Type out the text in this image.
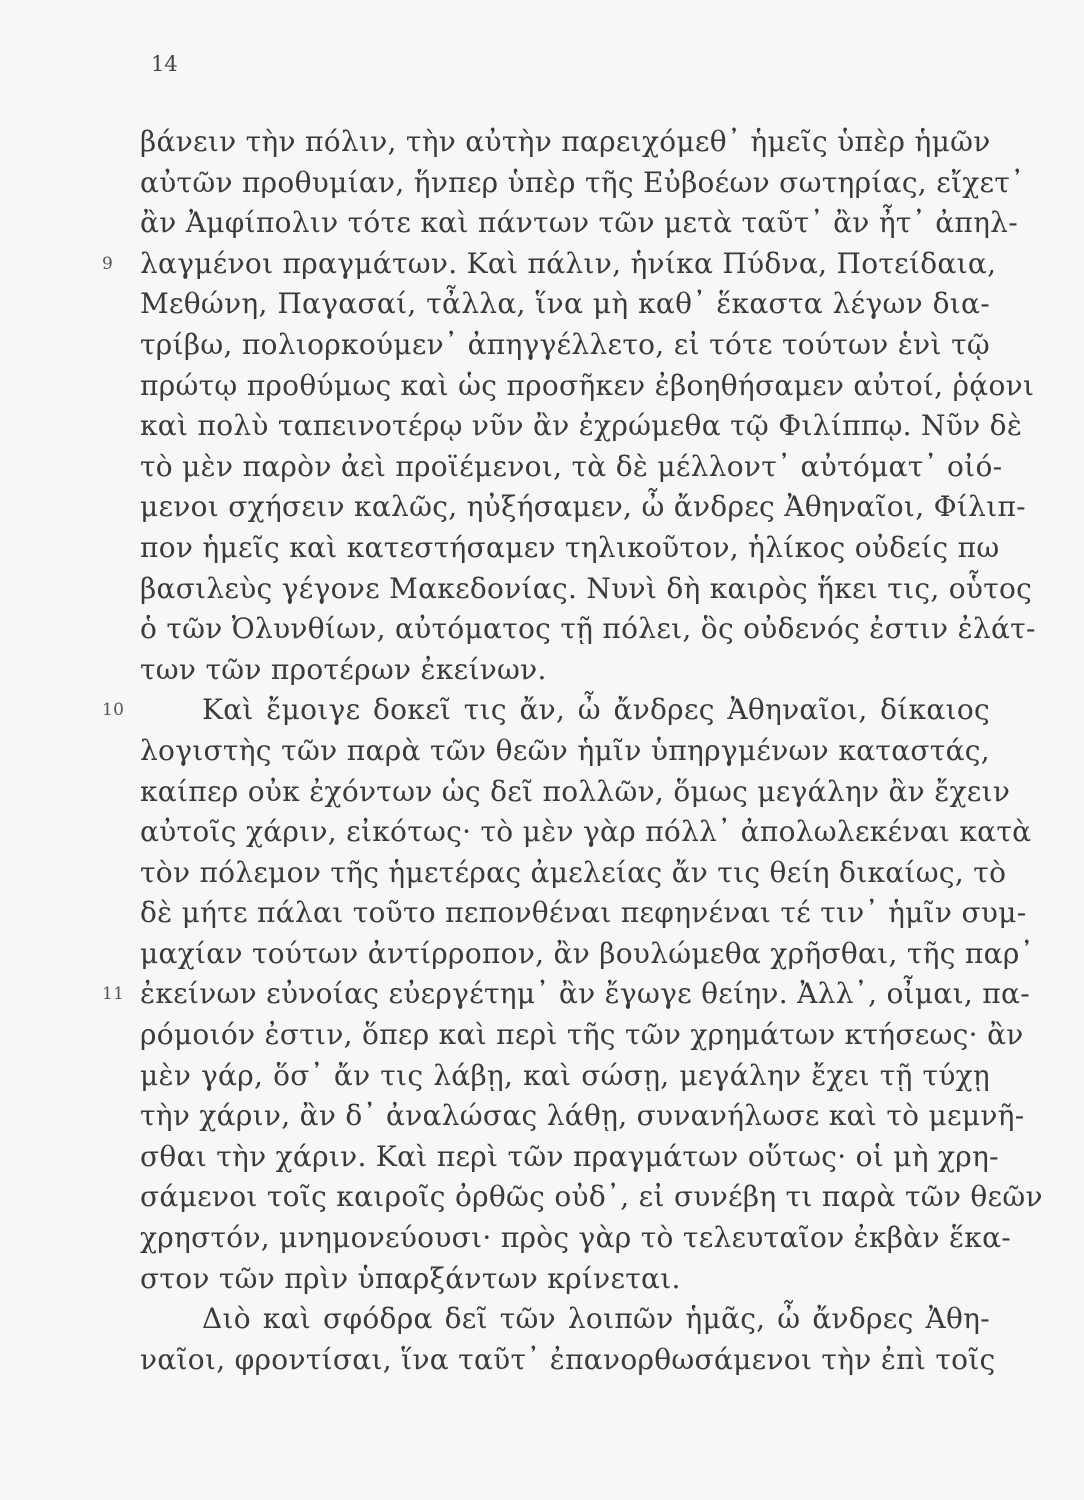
14
βάνειν τὴν πόλιν, τὴν αὐτὴν παρειχόμεθ᾽ ἡμεῖς ὑπὲρ ἡμῶν
αὐτῶν προθυμίαν, ἥνπερ ὑπὲρ τῆς Εὐβοέων σωτηρίας, εἴχετ᾽
ἂν Ἀμφίπολιν τότε καὶ πάντων τῶν μετὰ ταῦτ᾽ ἂν ἦτ᾽ ἀπηλ-
9 λαγμένοι πραγμάτων. Καὶ πάλιν, ἡνίκα Πύδνα, Ποτείδαια,
Μεθώνη, Παγασαί, τἆλλα, ἵνα μὴ καθ᾽ ἕκαστα λέγων δια-
τρίβω, πολιορκούμεν᾽ ἀπηγγέλλετο, εἰ τότε τούτων ἑνὶ τῷ
πρώτῳ προθύμως καὶ ὡς προσῆκεν ἐβοηθήσαμεν αὐτοί, ῥᾴονι
καὶ πολὺ ταπεινοτέρῳ νῦν ἂν ἐχρώμεθα τῷ Φιλίππῳ. Νῦν δὲ
τὸ μὲν παρὸν ἀεὶ προϊέμενοι, τὰ δὲ μέλλοντ᾽ αὐτόματ᾽ οἰό-
μενοι σχήσειν καλῶς, ηὐξήσαμεν, ὦ ἄνδρες Ἀθηναῖοι, Φίλιπ-
πον ἡμεῖς καὶ κατεστήσαμεν τηλικοῦτον, ἡλίκος οὐδείς πω
βασιλεὺς γέγονε Μακεδονίας. Νυνὶ δὴ καιρὸς ἥκει τις, οὗτος
ὁ τῶν Ὀλυνθίων, αὐτόματος τῇ πόλει, ὃς οὐδενός ἐστιν ἐλάτ-
των τῶν προτέρων ἐκείνων.
10	Καὶ ἔμοιγε δοκεῖ τις ἄν, ὦ ἄνδρες Ἀθηναῖοι, δίκαιος
λογιστὴς τῶν παρὰ τῶν θεῶν ἡμῖν ὑπηργμένων καταστάς,
καίπερ οὐκ ἐχόντων ὡς δεῖ πολλῶν, ὅμως μεγάλην ἂν ἔχειν
αὐτοῖς χάριν, εἰκότως· τὸ μὲν γὰρ πόλλ᾽ ἀπολωλεκέναι κατὰ
τὸν πόλεμον τῆς ἡμετέρας ἀμελείας ἄν τις θείη δικαίως, τὸ
δὲ μήτε πάλαι τοῦτο πεπονθέναι πεφηνέναι τέ τιν᾽ ἡμῖν συμ-
μαχίαν τούτων ἀντίρροπον, ἂν βουλώμεθα χρῆσθαι, τῆς παρ᾽
11 ἐκείνων εὐνοίας εὐεργέτημ᾽ ἂν ἔγωγε θείην. Ἀλλ᾽, οἶμαι, πα-
ρόμοιόν ἐστιν, ὅπερ καὶ περὶ τῆς τῶν χρημάτων κτήσεως· ἂν
μὲν γάρ, ὅσ᾽ ἄν τις λάβῃ, καὶ σώσῃ, μεγάλην ἔχει τῇ τύχῃ
τὴν χάριν, ἂν δ᾽ ἀναλώσας λάθῃ, συνανήλωσε καὶ τὸ μεμνῆ-
σθαι τὴν χάριν. Καὶ περὶ τῶν πραγμάτων οὕτως· οἱ μὴ χρη-
σάμενοι τοῖς καιροῖς ὀρθῶς οὐδ᾽, εἰ συνέβη τι παρὰ τῶν θεῶν
χρηστόν, μνημονεύουσι· πρὸς γὰρ τὸ τελευταῖον ἐκβὰν ἕκα-
στον τῶν πρὶν ὑπαρξάντων κρίνεται.
Διὸ καὶ σφόδρα δεῖ τῶν λοιπῶν ἡμᾶς, ὦ ἄνδρες Ἀθη-
ναῖοι, φροντίσαι, ἵνα ταῦτ᾽ ἐπανορθωσάμενοι τὴν ἐπὶ τοῖς
